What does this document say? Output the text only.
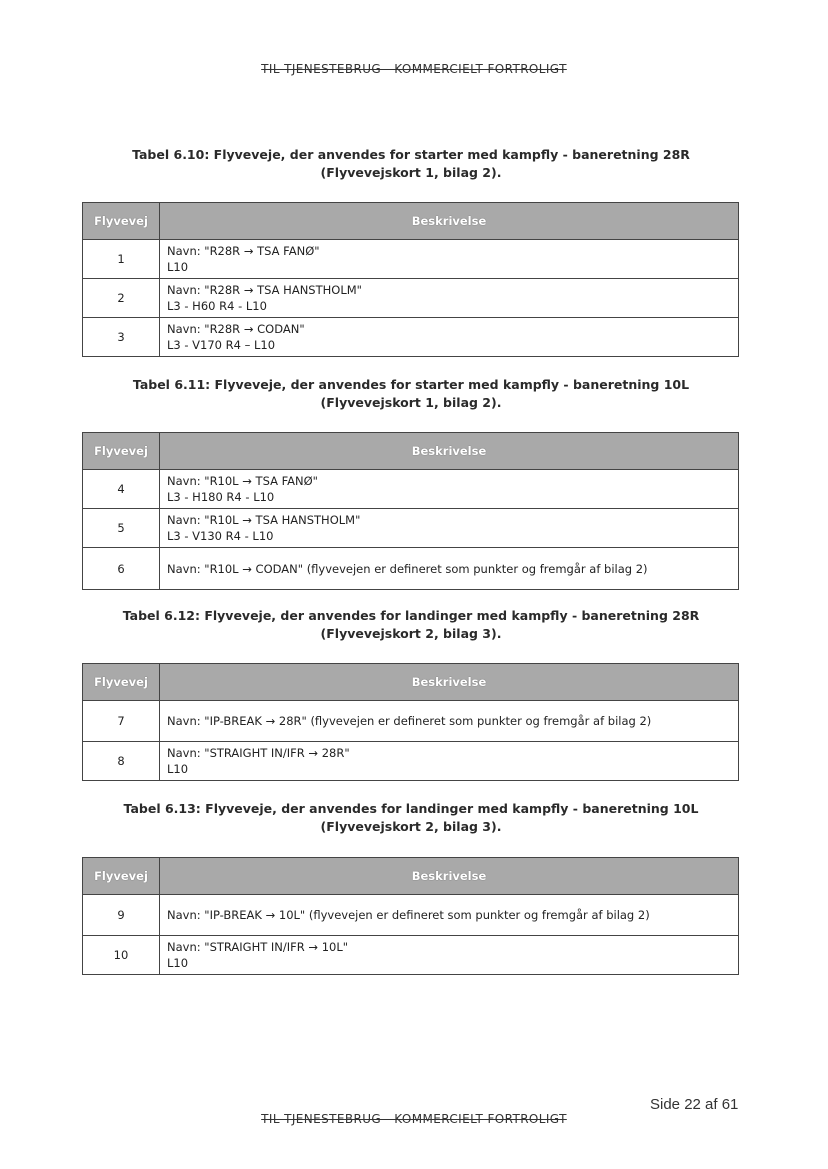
TIL TJENESTEBRUG - KOMMERCIELT FORTROLIGT
Tabel 6.10: Flyveveje, der anvendes for starter med kampfly - baneretning 28R
(Flyvevejskort 1, bilag 2).
Flyvevej	Beskrivelse
1	Navn: "R28R → TSA FANØ"
L10

2	Navn: "R28R → TSA HANSTHOLM"
L3 - H60 R4 - L10

3	Navn: "R28R → CODAN"
L3 - V170 R4 – L10
Tabel 6.11: Flyveveje, der anvendes for starter med kampfly - baneretning 10L
(Flyvevejskort 1, bilag 2).
Flyvevej	Beskrivelse
4	Navn: "R10L → TSA FANØ"
L3 - H180 R4 - L10

5	Navn: "R10L → TSA HANSTHOLM"
L3 - V130 R4 - L10

6	Navn: "R10L → CODAN" (flyvevejen er defineret som punkter og fremgår af bilag 2)
Tabel 6.12: Flyveveje, der anvendes for landinger med kampfly - baneretning 28R
(Flyvevejskort 2, bilag 3).
Flyvevej	Beskrivelse
7	Navn: "IP-BREAK → 28R" (flyvevejen er defineret som punkter og fremgår af bilag 2)

8	Navn: "STRAIGHT IN/IFR → 28R"
L10
Tabel 6.13: Flyveveje, der anvendes for landinger med kampfly - baneretning 10L
(Flyvevejskort 2, bilag 3).
Flyvevej	Beskrivelse
9	Navn: "IP-BREAK → 10L" (flyvevejen er defineret som punkter og fremgår af bilag 2)

10	Navn: "STRAIGHT IN/IFR → 10L"
L10
Side 22 af 61
TIL TJENESTEBRUG - KOMMERCIELT FORTROLIGT
